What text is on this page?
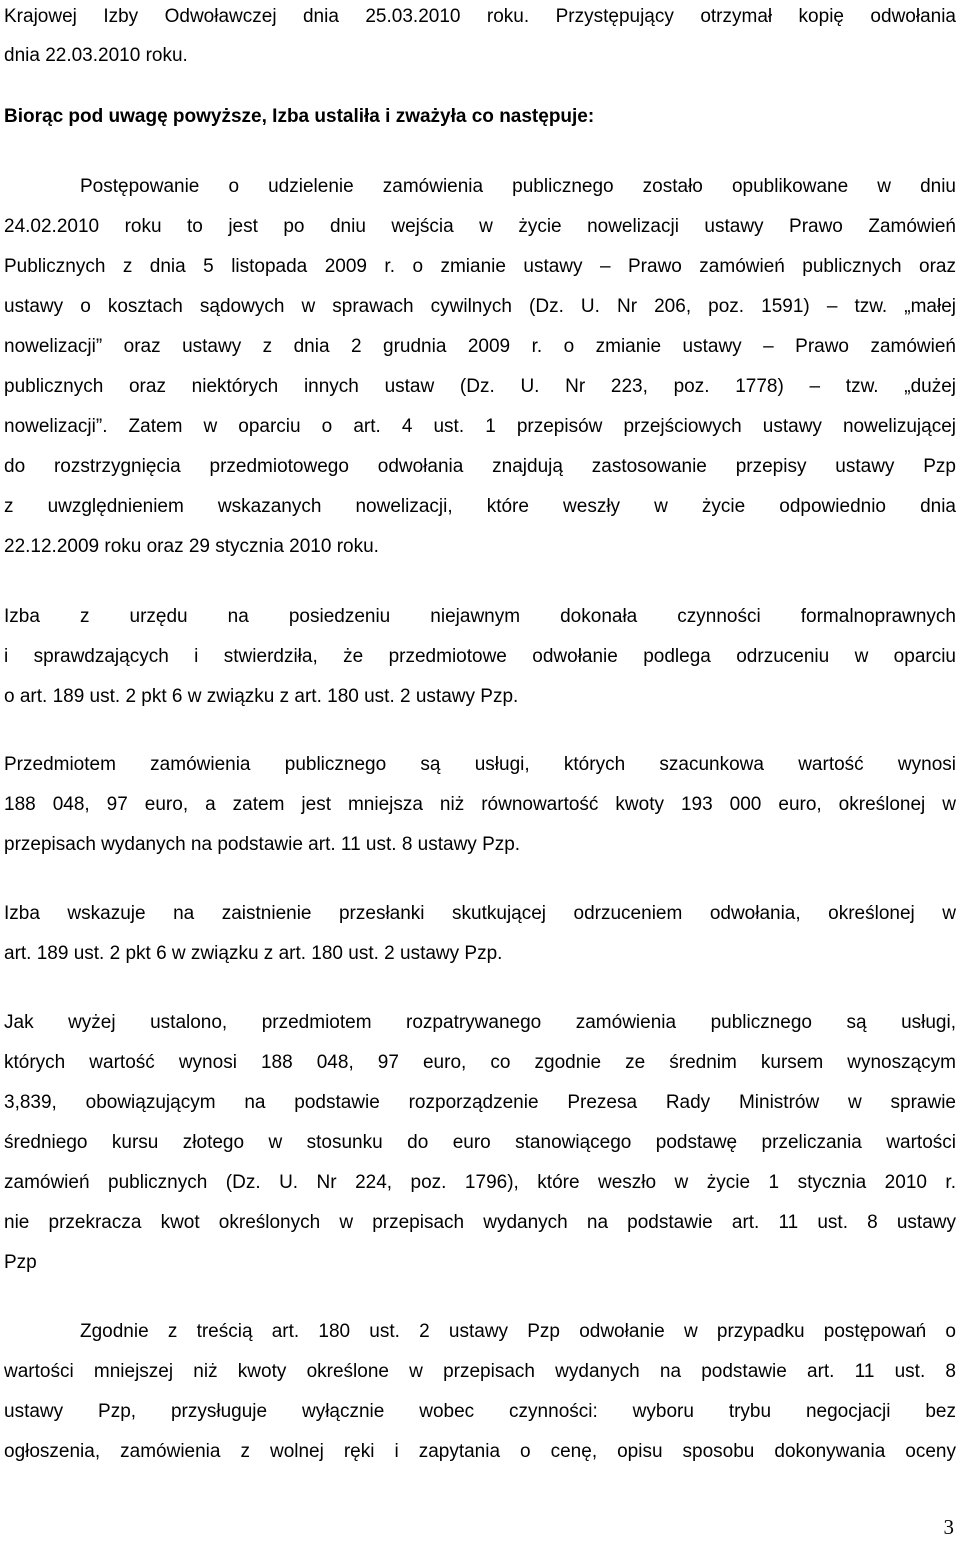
Krajowej Izby Odwoławczej dnia 25.03.2010 roku. Przystępujący otrzymał kopię odwołania
dnia 22.03.2010 roku.
Biorąc pod uwagę powyższe, Izba ustaliła i zważyła co następuje:
Postępowanie o udzielenie zamówienia publicznego zostało opublikowane w dniu
24.02.2010 roku to jest po dniu wejścia w życie nowelizacji ustawy Prawo Zamówień
Publicznych z dnia 5 listopada 2009 r. o zmianie ustawy – Prawo zamówień publicznych oraz
ustawy o kosztach sądowych w sprawach cywilnych (Dz. U. Nr 206, poz. 1591) – tzw. „małej
nowelizacji” oraz ustawy z dnia 2 grudnia 2009 r. o zmianie ustawy – Prawo zamówień
publicznych oraz niektórych innych ustaw (Dz. U. Nr 223, poz. 1778) – tzw. „dużej
nowelizacji”. Zatem w oparciu o art. 4 ust. 1 przepisów przejściowych ustawy nowelizującej
do rozstrzygnięcia przedmiotowego odwołania znajdują zastosowanie przepisy ustawy Pzp
z uwzględnieniem wskazanych nowelizacji, które weszły w życie odpowiednio dnia
22.12.2009 roku oraz 29 stycznia 2010 roku.
Izba z urzędu na posiedzeniu niejawnym dokonała czynności formalnoprawnych
i sprawdzających i stwierdziła, że przedmiotowe odwołanie podlega odrzuceniu w oparciu
o art. 189 ust. 2 pkt 6 w związku z art. 180 ust. 2 ustawy Pzp.
Przedmiotem zamówienia publicznego są usługi, których szacunkowa wartość wynosi
188 048, 97 euro, a zatem jest mniejsza niż równowartość kwoty 193 000 euro, określonej w
przepisach wydanych na podstawie art. 11 ust. 8 ustawy Pzp.
Izba wskazuje na zaistnienie przesłanki skutkującej odrzuceniem odwołania, określonej w
art. 189 ust. 2 pkt 6 w związku z art. 180 ust. 2 ustawy Pzp.
Jak wyżej ustalono, przedmiotem rozpatrywanego zamówienia publicznego są usługi,
których wartość wynosi 188 048, 97 euro, co zgodnie ze średnim kursem wynoszącym
3,839, obowiązującym na podstawie rozporządzenie Prezesa Rady Ministrów w sprawie
średniego kursu złotego w stosunku do euro stanowiącego podstawę przeliczania wartości
zamówień publicznych (Dz. U. Nr 224, poz. 1796), które weszło w życie 1 stycznia 2010 r.
nie przekracza kwot określonych w przepisach wydanych na podstawie art. 11 ust. 8 ustawy
Pzp
Zgodnie z treścią art. 180 ust. 2 ustawy Pzp odwołanie w przypadku postępowań o
wartości mniejszej niż kwoty określone w przepisach wydanych na podstawie art. 11 ust. 8
ustawy Pzp, przysługuje wyłącznie wobec czynności: wyboru trybu negocjacji bez
ogłoszenia, zamówienia z wolnej ręki i zapytania o cenę, opisu sposobu dokonywania oceny
3
